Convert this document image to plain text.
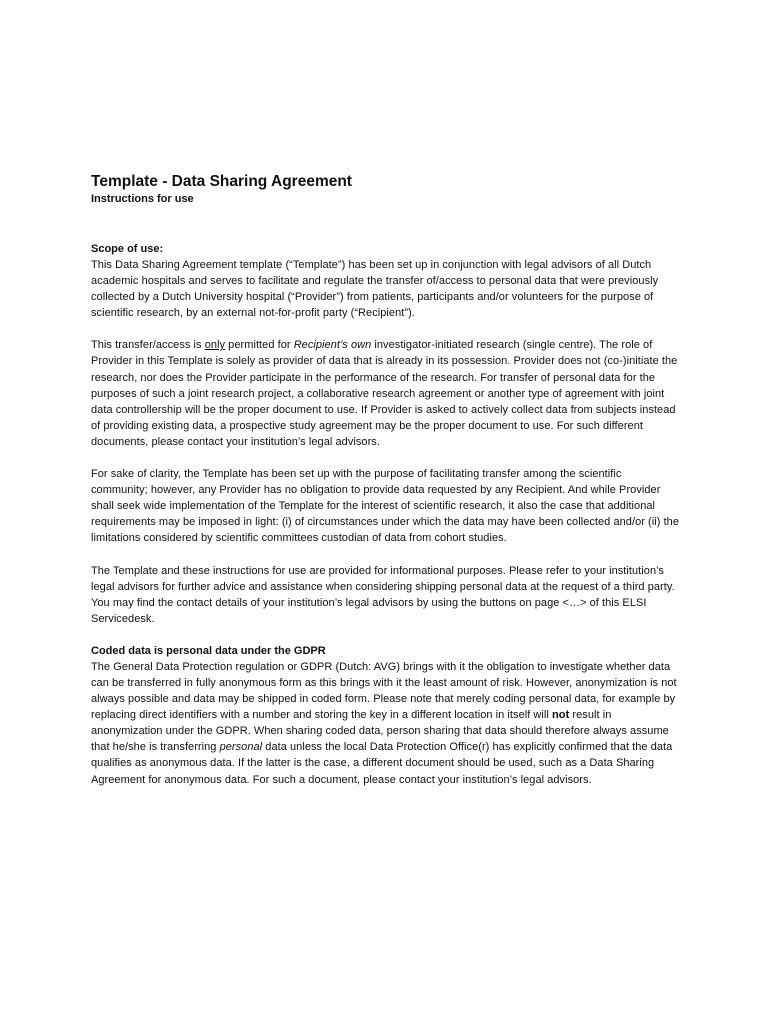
Template - Data Sharing Agreement
Instructions for use
Scope of use:

This Data Sharing Agreement template (“Template”) has been set up in conjunction with legal advisors of all Dutch academic hospitals and serves to facilitate and regulate the transfer of/access to personal data that were previously collected by a Dutch University hospital (“Provider”) from patients, participants and/or volunteers for the purpose of scientific research, by an external not-for-profit party (“Recipient”).

This transfer/access is only permitted for Recipient’s own investigator-initiated research (single centre). The role of Provider in this Template is solely as provider of data that is already in its possession. Provider does not (co-)initiate the research, nor does the Provider participate in the performance of the research. For transfer of personal data for the purposes of such a joint research project, a collaborative research agreement or another type of agreement with joint data controllership will be the proper document to use. If Provider is asked to actively collect data from subjects instead of providing existing data, a prospective study agreement may be the proper document to use. For such different documents, please contact your institution’s legal advisors.

For sake of clarity, the Template has been set up with the purpose of facilitating transfer among the scientific community; however, any Provider has no obligation to provide data requested by any Recipient. And while Provider shall seek wide implementation of the Template for the interest of scientific research, it also the case that additional requirements may be imposed in light: (i) of circumstances under which the data may have been collected and/or (ii) the limitations considered by scientific committees custodian of data from cohort studies.

The Template and these instructions for use are provided for informational purposes. Please refer to your institution’s legal advisors for further advice and assistance when considering shipping personal data at the request of a third party. You may find the contact details of your institution’s legal advisors by using the buttons on page <…> of this ELSI Servicedesk.

Coded data is personal data under the GDPR

The General Data Protection regulation or GDPR (Dutch: AVG) brings with it the obligation to investigate whether data can be transferred in fully anonymous form as this brings with it the least amount of risk. However, anonymization is not always possible and data may be shipped in coded form. Please note that merely coding personal data, for example by replacing direct identifiers with a number and storing the key in a different location in itself will not result in anonymization under the GDPR. When sharing coded data, person sharing that data should therefore always assume that he/she is transferring personal data unless the local Data Protection Office(r) has explicitly confirmed that the data qualifies as anonymous data. If the latter is the case, a different document should be used, such as a Data Sharing Agreement for anonymous data. For such a document, please contact your institution’s legal advisors.
